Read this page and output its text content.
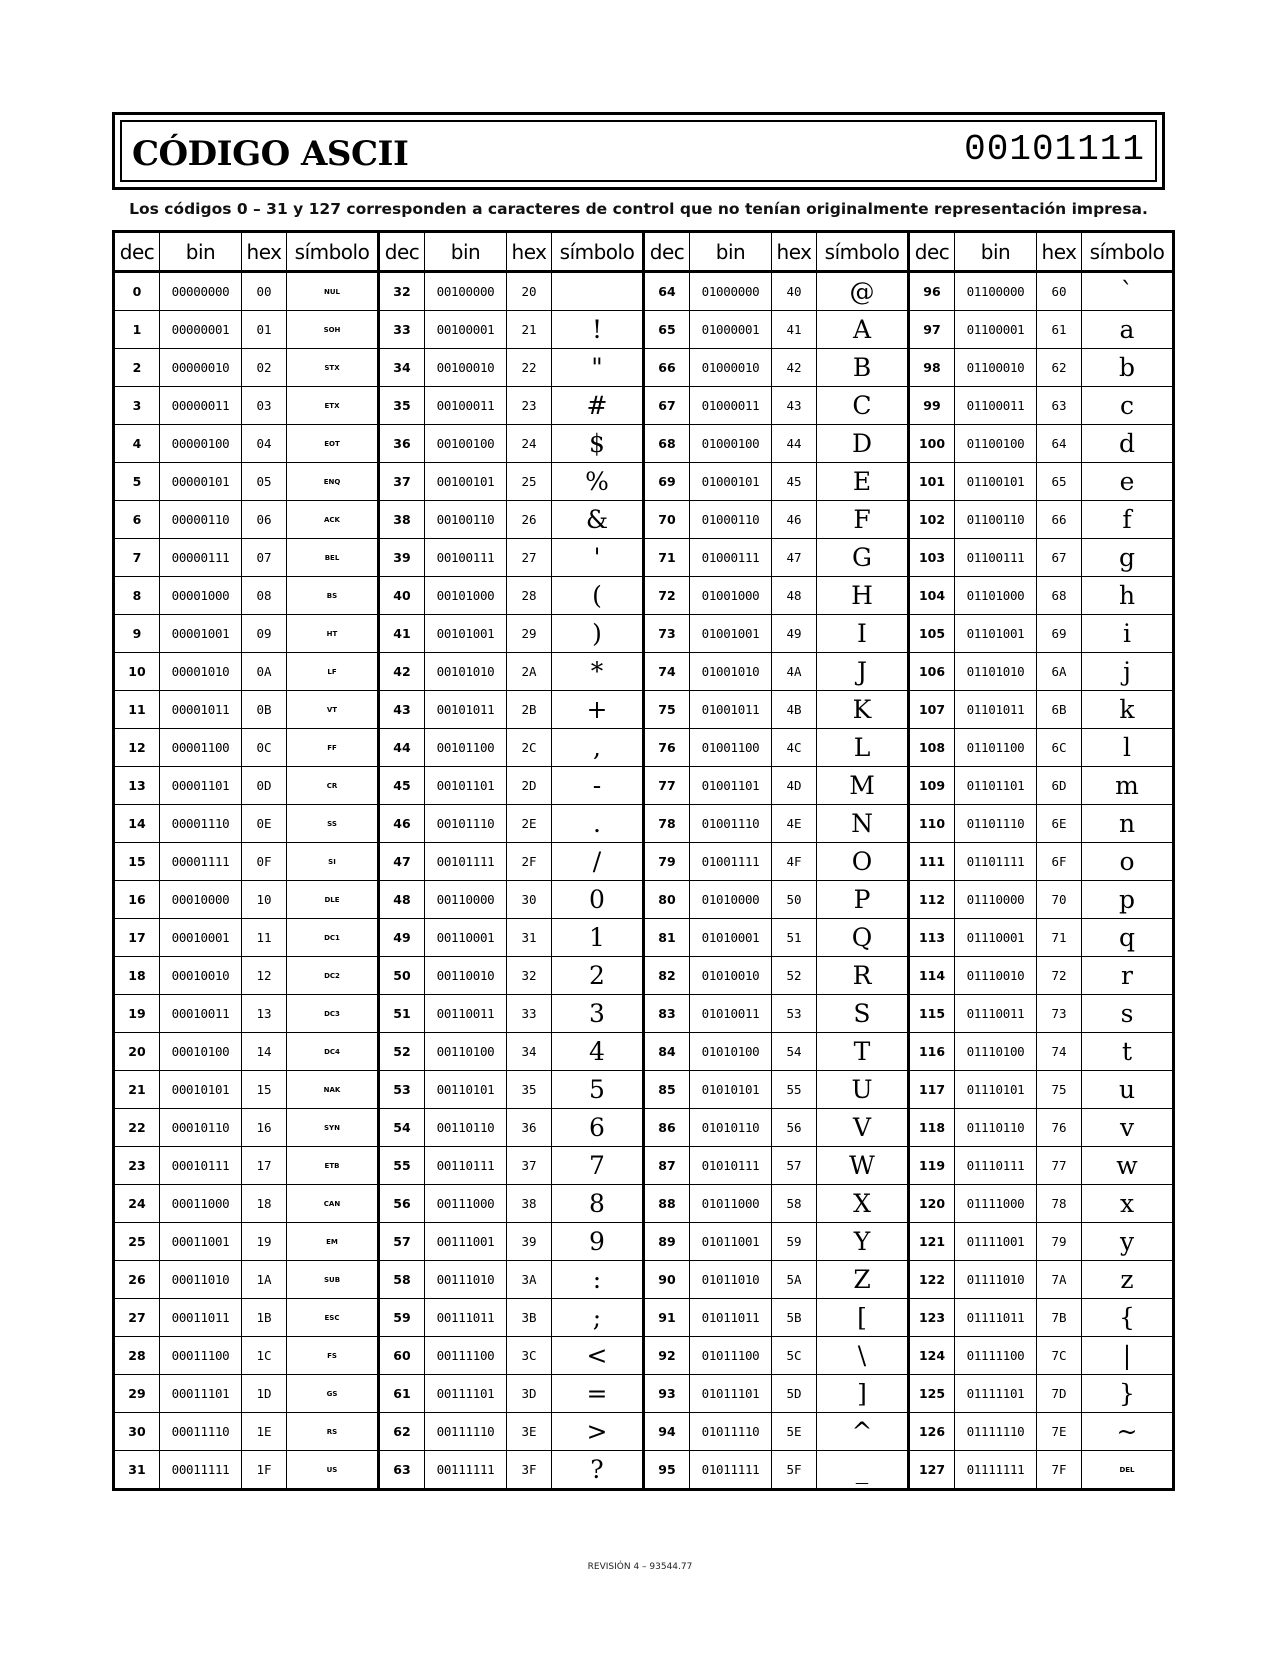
CÓDIGO ASCII	00101111
Los códigos 0 – 31 y 127 corresponden a caracteres de control que no tenían originalmente representación impresa.
dec	bin	hex	símbolo	dec	bin	hex	símbolo	dec	bin	hex	símbolo	dec	bin	hex	símbolo
0	00000000	00	NUL	32	00100000	20		64	01000000	40	@	96	01100000	60	`
1	00000001	01	SOH	33	00100001	21	!	65	01000001	41	A	97	01100001	61	a
2	00000010	02	STX	34	00100010	22	"	66	01000010	42	B	98	01100010	62	b
3	00000011	03	ETX	35	00100011	23	#	67	01000011	43	C	99	01100011	63	c
4	00000100	04	EOT	36	00100100	24	$	68	01000100	44	D	100	01100100	64	d
5	00000101	05	ENQ	37	00100101	25	%	69	01000101	45	E	101	01100101	65	e
6	00000110	06	ACK	38	00100110	26	&	70	01000110	46	F	102	01100110	66	f
7	00000111	07	BEL	39	00100111	27	'	71	01000111	47	G	103	01100111	67	g
8	00001000	08	BS	40	00101000	28	(	72	01001000	48	H	104	01101000	68	h
9	00001001	09	HT	41	00101001	29	)	73	01001001	49	I	105	01101001	69	i
10	00001010	0A	LF	42	00101010	2A	*	74	01001010	4A	J	106	01101010	6A	j
11	00001011	0B	VT	43	00101011	2B	+	75	01001011	4B	K	107	01101011	6B	k
12	00001100	0C	FF	44	00101100	2C	,	76	01001100	4C	L	108	01101100	6C	l
13	00001101	0D	CR	45	00101101	2D	-	77	01001101	4D	M	109	01101101	6D	m
14	00001110	0E	SS	46	00101110	2E	.	78	01001110	4E	N	110	01101110	6E	n
15	00001111	0F	SI	47	00101111	2F	/	79	01001111	4F	O	111	01101111	6F	o
16	00010000	10	DLE	48	00110000	30	0	80	01010000	50	P	112	01110000	70	p
17	00010001	11	DC1	49	00110001	31	1	81	01010001	51	Q	113	01110001	71	q
18	00010010	12	DC2	50	00110010	32	2	82	01010010	52	R	114	01110010	72	r
19	00010011	13	DC3	51	00110011	33	3	83	01010011	53	S	115	01110011	73	s
20	00010100	14	DC4	52	00110100	34	4	84	01010100	54	T	116	01110100	74	t
21	00010101	15	NAK	53	00110101	35	5	85	01010101	55	U	117	01110101	75	u
22	00010110	16	SYN	54	00110110	36	6	86	01010110	56	V	118	01110110	76	v
23	00010111	17	ETB	55	00110111	37	7	87	01010111	57	W	119	01110111	77	w
24	00011000	18	CAN	56	00111000	38	8	88	01011000	58	X	120	01111000	78	x
25	00011001	19	EM	57	00111001	39	9	89	01011001	59	Y	121	01111001	79	y
26	00011010	1A	SUB	58	00111010	3A	:	90	01011010	5A	Z	122	01111010	7A	z
27	00011011	1B	ESC	59	00111011	3B	;	91	01011011	5B	[	123	01111011	7B	{
28	00011100	1C	FS	60	00111100	3C	<	92	01011100	5C	\	124	01111100	7C	|
29	00011101	1D	GS	61	00111101	3D	=	93	01011101	5D	]	125	01111101	7D	}
30	00011110	1E	RS	62	00111110	3E	>	94	01011110	5E	^	126	01111110	7E	~
31	00011111	1F	US	63	00111111	3F	?	95	01011111	5F	_	127	01111111	7F	DEL
REVISIÓN 4 – 93544.77
